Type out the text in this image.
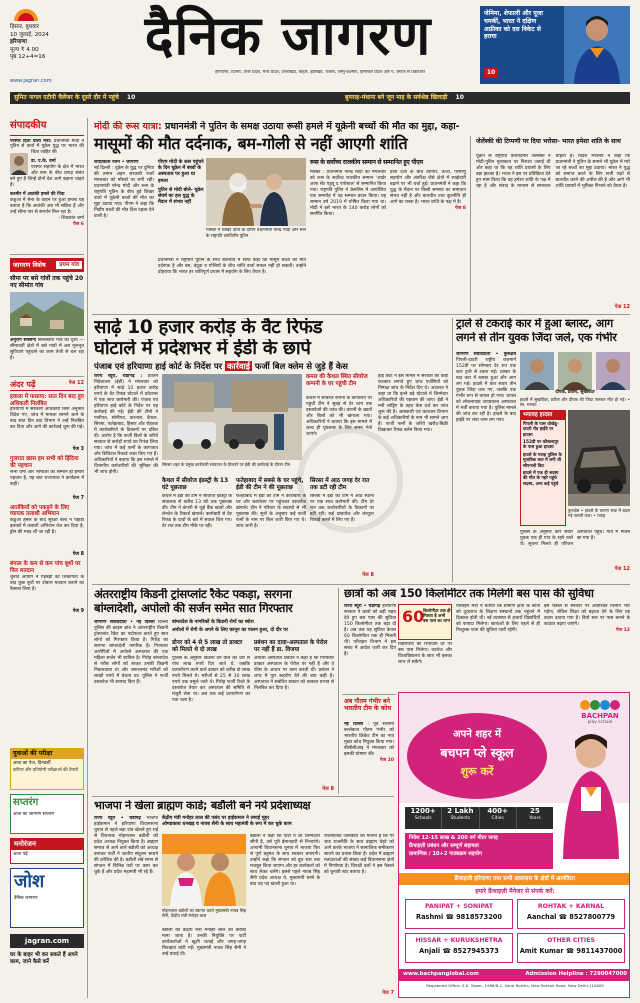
हिसार, बुधवार
10 जुलाई, 2024
हरियाणा
मूल्य ₹ 4.00
पृष्ठ 12+4=16	दैनिक जागरण
हरियाणा, दिल्ली, उत्तर प्रदेश, मध्य प्रदेश, उत्तराखंड, बिहार, झारखंड, पंजाब, जम्मू-कश्मीर, हिमाचल प्रदेश और प. बंगाल से प्रकाशित
www.jagran.com
जेमिमा, शेफाली और पूजा चमकीं, भारत ने दक्षिण अफ्रीका को दस विकेट से हराया
10
सुमित नागल एटीपी चैलेंजर के दूसरे दौर में पहुंचे 10	बुमराह-मंधाना बने जून माह के सर्वश्रेष्ठ खिलाड़ी 10
संपादकीय
परस्पर हितों वाली मैत्री: प्रधानमंत्री मोदी ने पुतिन से वार्ता में यूक्रेन युद्ध पर भारत की चिंता जाहिर की
डा. ए.के. वर्मा
परस्पर सहयोग के क्षेत्र में भारत और रूस के बीच प्रगाढ़ संबंध बने हुए हैं जिन्हें दोनों देश आगे बढ़ाना चाहते हैं।
कश्मीर में आतंकी हमले की निंदा
कठुआ में सेना के वाहन पर हुआ हमला यह बताता है कि आतंकी अब भी सक्रिय हैं और उन्हें सीमा पार से समर्थन मिल रहा है।
- शिवकांत शर्मा
पेज 6
जागरण विशेष	प्रथम गांव
सीमा पर बसे गांवों तक पहुंचे 20 नए सीमांत गांव
अनुराग सक्सेना सिलक्यारा गांव का दृश्य — सीमावर्ती क्षेत्रों में बसे गांवों में अब मूलभूत सुविधाएं पहुंचाने का काम तेजी से चल रहा है।
पेज 12
अंदर पढ़ें
हवाला में फसाया: सात दिन बाद हुए अधिकारी निलंबित
हरियाणा में सरकारी अधिकारी बिना अनुमति विदेश गए, जांच में मामला सामने आने के बाद सात दिन बाद विभाग ने उन्हें निलंबित कर दिया और आगे की कार्रवाई शुरू की गई।
पेज 3
गुजरात खास हम सभी को हिंदिया की पहचान
सभी धर्मों और भाषाओं का सम्मान ही हमारी पहचान है, यह बात राज्यपाल ने कार्यक्रम में कही।
पेज 7
आतंकियों को पकड़ने के लिए व्यापक तलाशी अभियान
कठुआ हमले के बाद सुरक्षा बलों ने पहाड़ी इलाकों में तलाशी अभियान तेज कर दिया है, ड्रोन की मदद ली जा रही है।
पेज 8
बंगाल के कम से कम पांच बूथों पर फिर मतदान
चुनाव आयोग ने गड़बड़ी की शिकायतों के बाद कुछ बूथों पर दोबारा मतदान कराने का फैसला लिया है।
पेज 9
युवाओं की परीक्षा
आज का पेज, दिनदर्शी
करियर और प्रतियोगी परीक्षाओं की तैयारी
सप्तरंग
आज का जागरण सप्तरंग
मनोरंजन
आज पढ़ें
जोश
दैनिक जागरण
jagran.com
घर के बाहर भी कर सकते हैं अपने काम, जाने कैसे करें
मोदी की रूस यात्रा: प्रधानमंत्री ने पुतिन के समक्ष उठाया रूसी हमले में यूक्रेनी बच्चों की मौत का मुद्दा, कहा-
मासूमों की मौत दर्दनाक, बम-गोली से नहीं आएगी शांति
जयप्रकाश रंजन • जागरण
नई दिल्ली : यूक्रेन के युद्ध पर दुनिया की तमाम अहम सरकारी नजरें मंगलवार को मॉस्को पर लगी रहीं। प्रधानमंत्री नरेन्द्र मोदी और रूस के राष्ट्रपति पुतिन के बीच हुई शिखर वार्ता में यूक्रेनी बच्चों की मौत का मुद्दा उठाया गया। पीएम ने कहा कि निर्दोष बच्चों की मौत दिल दहला देने वाली है।
पीएम मोदी के रूस पहुंचने के दिन यूक्रेन में बच्चों के अस्पताल पर हुआ था हमला
पुतिन से मोदी बोले- यूक्रेन संघर्ष का हल युद्ध के मैदान में संभव नहीं
मास्को में शिखर वार्ता के दौरान प्रधानमंत्री नरेन्द्र मोदी और रूस के राष्ट्रपति व्लादिमीर पुतिन
रूस के सर्वोच्च राजकीय सम्मान से सम्मानित हुए पीएम
मास्को : प्रधानमंत्री नरेन्द्र मोदी को मंगलवार को रूस के सर्वोच्च राजकीय सम्मान 'आर्डर आफ सेंट एंड्रयू द एपोस्टल' से सम्मानित किया गया। राष्ट्रपति पुतिन ने क्रेमलिन में आयोजित एक समारोह में यह सम्मान प्रदान किया। यह सम्मान वर्ष 2019 में घोषित किया गया था। मोदी ने इसे भारत के 140 करोड़ लोगों को समर्पित किया।
दोनों देशों के बीच व्यापार, ऊर्जा, परमाणु सहयोग और अंतरिक्ष जैसे क्षेत्रों में साझेदारी बढ़ाने पर भी चर्चा हुई। प्रधानमंत्री ने कहा कि युद्ध के मैदान पर किसी समस्या का समाधान संभव नहीं है और बातचीत तथा कूटनीति ही आगे का रास्ता है। भारत शांति के पक्ष में है।
पेज 8
प्रधानमंत्री ने राष्ट्रपति पुतिन के साथ बातचीत में साफ कहा कि मासूम बच्चों की मौत दर्दनाक है और बम, बंदूक व गोलियों के बीच शांति वार्ता सफल नहीं हो सकती। उन्होंने दोहराया कि भारत हर शांतिपूर्ण प्रयास में सहयोग के लिए तैयार है।
जेलेंस्की की टिप्पणी पर दिया भरोसा- भारत हमेशा शांति के साथ
यूक्रेन के राष्ट्रपति वोलोदिमीर जेलेंस्की ने मोदी-पुतिन मुलाकात पर निराशा जताई थी और कहा था कि यह शांति प्रयासों के लिए बड़ा झटका है। भारत ने इस पर प्रतिक्रिया देते हुए स्पष्ट किया कि वह हमेशा शांति के पक्ष में रहा है और संवाद के माध्यम से समाधान चाहता है। विदेश मंत्रालय ने कहा कि प्रधानमंत्री ने पुतिन के सामने भी यूक्रेन में मारे जा रहे बच्चों का मुद्दा उठाया। भारत ने युद्ध को समाप्त करने के लिए सभी पक्षों से बातचीत करने की अपील की है और आगे भी शांति प्रयासों में भूमिका निभाने को तैयार है।
पेज 12
साढ़े 10 हजार करोड़ के वैट रिफंड
घोटाले में प्रदेशभर में ईडी के छापे
पंजाब एवं हरियाणा हाई कोर्ट के निर्देश पर कार्रवाई फर्जी बिल क्लेम से जुड़े हैं केस
राज्य ब्यूरो, चंडीगढ़ : प्रवर्तन निदेशालय (ईडी) ने मंगलवार को हरियाणा में साढ़े 10 हजार करोड़ रुपये के वैट रिफंड घोटाले में प्रदेशभर में एक साथ छापेमारी की। पंजाब एवं हरियाणा हाई कोर्ट के निर्देश पर यह कार्रवाई की गई। ईडी की टीमों ने पानीपत, सोनीपत, करनाल, कैथल, सिरसा, फतेहाबाद, हिसार और रोहतक में कारोबारियों के ठिकानों पर दबिश दी। आरोप है कि फर्जी बिलों के जरिये सरकार से करोड़ों रुपये का रिफंड लिया गया। जांच में कई फर्मों के कागजात और डिजिटल रिकार्ड जब्त किए गए हैं। अधिकारियों ने बताया कि इस मामले में विभागीय कर्मचारियों की भूमिका की भी जांच होगी।
सिरसा शहर के प्रमुख कारोबारी सत्यवान के ठिकाने पर ईडी की कार्रवाई के दौरान टीम
कमल की कैथल स्थित सीवरेज कम्पनी के घर पहुंची टीम
कैथल में सीवरेज कंपनी के कार्यालय पर पहुंची टीम ने सुबह से देर शाम तक दस्तावेजों की जांच की। कंपनी के खातों और बिलों को भी खंगाला गया। अधिकारियों ने बताया कि इस मामले में जल्द ही पूछताछ के लिए समन भेजे जाएंगे।
कैथल में सीवरेज इंडस्ट्री के 13 घंटे पूछताछ
कैथल में ईडी की टीम ने सीवरेज इंडस्ट्री के संचालक से करीब 13 घंटे तक पूछताछ की। टीम ने कंपनी से जुड़े बैंक खातों और लेनदेन के रिकार्ड खंगाले। कारोबारी से वैट रिफंड के दावों के बारे में सवाल किए गए। देर रात तक टीम मौके पर रही।
फतेहाबाद में सबसे के घर पहुंचे, ईडी की टीम ने की पूछताछ
फतेहाबाद में ईडी की टीम ने कारोबारी के घर और कार्यालय पर पहुंचकर दस्तावेज खंगाले। टीम ने परिवार के सदस्यों से भी पूछताछ की। सूत्रों के अनुसार कई फर्जी फर्मों के नाम पर बिल जारी किए गए थे। जांच जारी है।
सिरसा में आठ जगह देर रात तक डटी रही टीम
सिरसा में ईडी की टीम ने आठ स्थानों पर एक साथ छापेमारी की। टीम देर रात तक कारोबारियों के ठिकानों पर डटी रही। कई दस्तावेज और कंप्यूटर रिकार्ड कब्जे में लिए गए हैं।
पेज 8
हाई कोर्ट ने इस मामले में सरकार को कड़ी फटकार लगाते हुए जांच एजेंसियों को निष्पक्ष जांच के निर्देश दिए थे। अदालत ने कहा था कि इतने बड़े घोटाले में जिम्मेदार अधिकारियों की पहचान की जाए। ईडी ने मनी लांड्रिंग के तहत केस दर्ज कर जांच शुरू की है। आबकारी एवं कराधान विभाग के कई अधिकारियों के नाम भी सामने आए हैं। फर्जी फर्मों के जरिये खरीद-बिक्री दिखाकर रिफंड क्लेम किया गया।
ट्राले से टकराई कार में हुआ ब्लास्ट, आग
लगने से तीन युवक जिंदा जले, एक गंभीर
जागरण संवाददाता • कुरुक्षेत्र पिपली-दादरी राष्ट्रीय राजमार्ग 152डी पर सोमवार देर रात एक कार ट्राले से टकरा गई। टक्कर के बाद कार में ब्लास्ट हुआ और आग लग गई। हादसे में कार सवार तीन युवक जिंदा जल गए, जबकि एक गंभीर रूप से घायल हो गया। घायल को लोकनायक जयप्रकाश अस्पताल में भर्ती कराया गया है। पुलिस मामले की जांच कर रही है। हादसे के बाद हाईवे पर लंबा जाम लग गया।
दीपक, प्रवीण, सुखविंदर
हादसे में सुखविंदर, प्रवीण और दीपक की जिंदा जलकर मौत हो गई। • स्व. भाग्वत
भयावह हादसा
पिपली के पास धोखेडू- दादरी रोड हाईवे पर हादसा
152डी पर कौसल्यपुर के पास हुआ हादसा
हादसे के गवाह पुलिस के मुताबिक कार में लगी थी सीएनजी किट
हादसे में एक ही सदस्य की मौत के गहरे पहुंचे सदस्य, अन्य कई पहुंचे
कुरुक्षेत्र • हादसे के कारण राख में बदल गई जलती कार। • गवाह
पुलिस के अनुसार कार सवार युवक एक ही गांव के रहने वाले थे। सूचना मिलते ही परिजन अस्पताल पहुंचे। गांव में मातम छा गया है।
पेज 12
अंतरराष्ट्रीय किडनी ट्रांसप्लांट रैकेट पकड़ा, सरगना
बांग्लादेशी, अपोलो की सर्जन समेत सात गिरफ्तार
जागरण संवाददाता • नई दिल्ली दिल्ली पुलिस की क्राइम ब्रांच ने अंतरराष्ट्रीय किडनी ट्रांसप्लांट रैकेट का पर्दाफाश करते हुए सात लोगों को गिरफ्तार किया है। गिरोह का सरगना बांग्लादेशी नागरिक है। गिरफ्तार आरोपितों में अपोलो अस्पताल की एक महिला सर्जन भी शामिल है। गिरोह बांग्लादेश से गरीब लोगों को लाकर उनकी किडनी निकलवाता था और जरूरतमंद मरीजों को लाखों रुपये में बेचता था। पुलिस ने फर्जी दस्तावेज भी बरामद किए हैं।
बांग्लादेश के नागरिकों के किडनी रोगों का ब्योरा
अपोलो में रोगी के अपने के लिए कानून का पालन हुआ, दो दौर पर
डोनर को 4 से 5 लाख तो डाक्टर को मिलते थे दो लाख
पुलिस के अनुसार किडनी देने वाले को चार से पांच लाख रुपये दिए जाते थे, जबकि प्रत्यारोपण करने वाले डाक्टर को करीब दो लाख रुपये मिलते थे। मरीजों से 25 से 30 लाख रुपये तक वसूले जाते थे। गिरोह फर्जी रिश्ते के दस्तावेज तैयार कर अस्पताल की समिति से मंजूरी लेता था। अब तक कई प्रत्यारोपण का पता चला है।
प्रबंधन का दावा-अस्पताल के पेरोल पर नहीं हैं डा. विजया
अपोलो अस्पताल प्रबंधन ने कहा है कि गिरफ्तार डाक्टर अस्पताल के पेरोल पर नहीं हैं और वे फीस के आधार पर काम करती थीं। प्रबंधन ने जांच में पूरा सहयोग देने की बात कही है। अस्पताल ने संबंधित डाक्टर को तत्काल प्रभाव से निलंबित कर दिया है।
पेज 8
छात्रों को अब 150 किलोमीटर तक मिलेगी बस पास की सुविधा
राज्य ब्यूरो • चंडीगढ़ हरियाणा सरकार ने छात्रों को बड़ी राहत देते हुए बस पास की सुविधा 150 किलोमीटर तक बढ़ा दी है। अब तक यह सुविधा केवल 60 किलोमीटर तक ही मिलती थी। परिवहन विभाग ने इस संबंध में आदेश जारी कर दिए हैं।
60
किलोमीटर तक ही मिलता है अभी बस पास का लाभ
विद्यार्थियों को रियायती दर पर बस पास मिलेगा। कालेज और विश्वविद्यालय के छात्र भी इसका लाभ ले सकेंगे।
परिवहन मंत्री ने बताया कि ग्रामीण क्षेत्रों के छात्रों को दूरदराज के शिक्षण संस्थानों तक पहुंचने में दिक्कत होती थी। नई व्यवस्था से हजारों विद्यार्थियों को फायदा मिलेगा। छात्राओं के लिए पहले से ही निःशुल्क यात्रा की सुविधा जारी रहेगी।
इस फैसले से सरकार पर अतिरिक्त वित्तीय भार पड़ेगा, लेकिन शिक्षा को बढ़ावा देने के लिए यह कदम उठाया गया है। डिपो स्तर पर पास बनाने के काउंटर बढ़ाए जाएंगे।
पेज 12
अब गौतम गंभीर बने भारतीय टीम के कोच
नई दिल्ली : पूर्व सलामी बल्लेबाज गौतम गंभीर को भारतीय क्रिकेट टीम का नया मुख्य कोच नियुक्त किया गया। बीसीसीआइ ने मंगलवार को इसकी घोषणा की।
पेज 10
BACHPAN
play school
अपने शहर में
बचपन प्ले स्कूल
शुरू करें
1200+
Schools
2 Lakh
Students
400+
Cities
25
Years
निवेश 12-15 लाख & 200 वर्ग मीटर जगह
फ्रैंचाइज़ी प्रबंधन और सम्पूर्ण सहायता
प्रामाणिक / 10+2 पाठ्यक्रम सहयोग
फ्रैंचाइजी हरियाणा तथा सभी आसपास के क्षेत्रों में आमंत्रित!
हमारे फ्रैंचाइज़ी मैनेजर से संपर्क करें:
PANIPAT + SONIPAT
Rashmi ☎ 9818573200
ROHTAK + KARNAL
Aanchal ☎ 8527800779
HISSAR + KURUKSHETRA
Anjali ☎ 8527945373
OTHER CITIES
Amit Kumar ☎ 9811437000
www.bachpanglobal.com	Admission Helpline : 7290047000
Registered Office: S.K. Tower, 1988/8-1, Sarai Rohilla, New Rohtak Road, New Delhi-110005
भाजपा ने खेला ब्राह्मण कार्ड; बडौली बने नये प्रदेशाध्यक्ष
केंद्रीय मंत्री मनोहर लाल की पसंद पर हाईकमान ने लगाई मुहर
ओमप्रकाश धनखड़ व नायब सैनी के साथ महामंत्री के रूप में कर चुके काम
राज्य ब्यूरो • चंडीगढ़ भाजपा हाईकमान ने हरियाणा विधानसभा चुनाव से पहले बड़ा दांव खेलते हुए राई से विधायक मोहनलाल बडौली को प्रदेश अध्यक्ष नियुक्त किया है। ब्राह्मण समाज से आने वाले बडौली को अध्यक्ष बनाकर पार्टी ने जातीय संतुलन साधने की कोशिश की है। बडौली लंबे समय से संगठन में विभिन्न पदों पर काम कर चुके हैं और प्रदेश महामंत्री भी रहे हैं।
मोहनलाल बडौली का स्वागत करते मुख्यमंत्री नायब सिंह सैनी, केंद्रीय मंत्री मनोहर लाल
बडौली को केंद्रीय मंत्री मनोहर लाल का करीबी माना जाता है। उनकी नियुक्ति पर पार्टी कार्यकर्ताओं ने खुशी जताई और जगह-जगह मिठाइयां बांटी गईं। मुख्यमंत्री नायब सिंह सैनी ने उन्हें बधाई दी।
बडौली ने कहा कि पार्टी ने जो जिम्मेदारी सौंपी है, उसे पूरी ईमानदारी से निभाएंगे। आगामी विधानसभा चुनाव में भाजपा फिर से पूर्ण बहुमत के साथ सरकार बनाएगी। उन्होंने कहा कि संगठन को बूथ स्तर तक मजबूत किया जाएगा और हर कार्यकर्ता को साथ लेकर चलेंगे। इससे पहले नायब सिंह सैनी प्रदेश अध्यक्ष थे, मुख्यमंत्री बनने के बाद यह पद खाली हुआ था।
राजनीतिक जानकारों का मानना है कि गैर जाट राजनीति के साथ ब्राह्मण चेहरे को आगे करके भाजपा ने सामाजिक समीकरण साधने का प्रयास किया है। प्रदेश में ब्राह्मण मतदाताओं की संख्या कई विधानसभा क्षेत्रों में निर्णायक है। विपक्षी दलों ने इस फैसले को चुनावी स्टंट बताया है।
पेज 7
